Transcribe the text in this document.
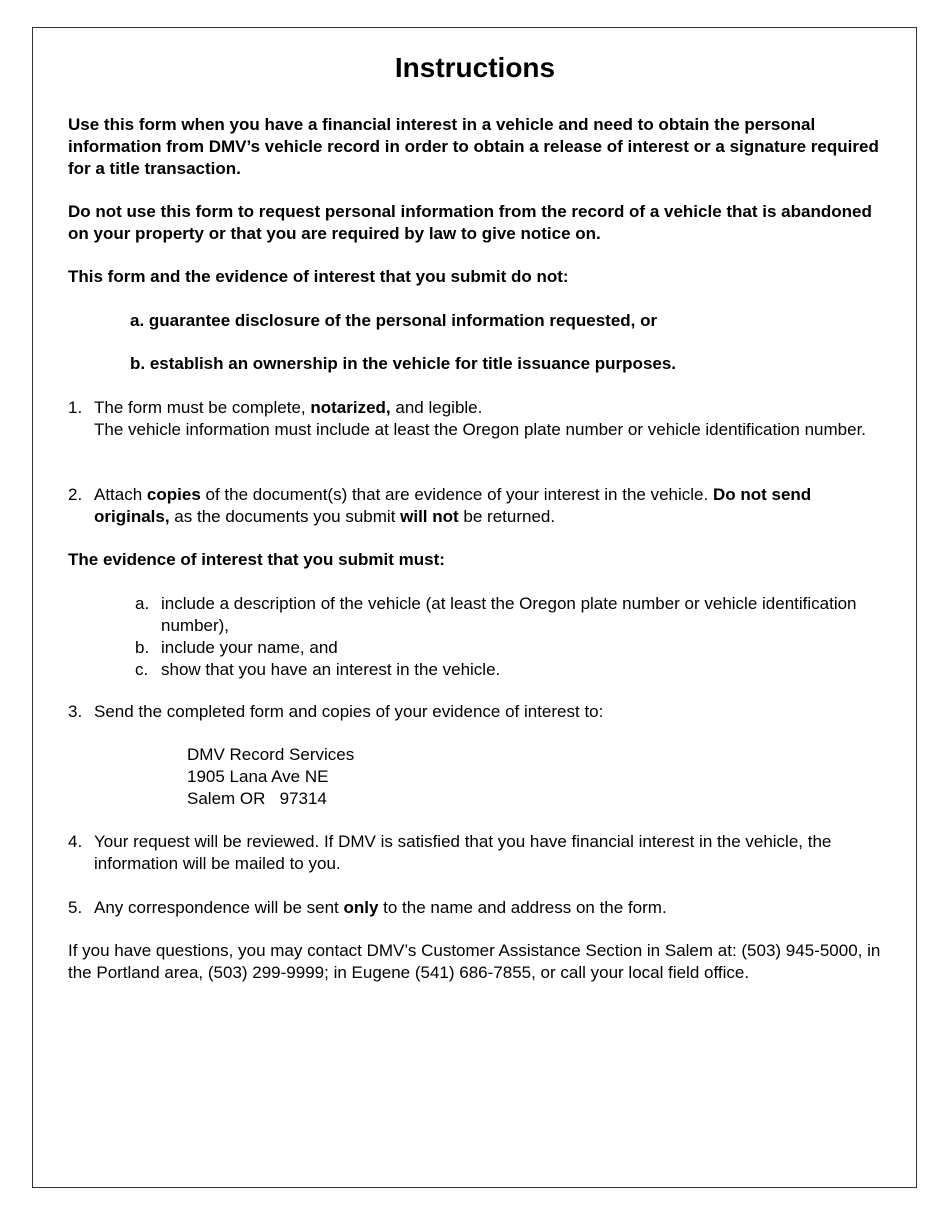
Instructions

Use this form when you have a financial interest in a vehicle and need to obtain the personal information from DMV’s vehicle record in order to obtain a release of interest or a signature required for a title transaction.

Do not use this form to request personal information from the record of a vehicle that is abandoned on your property or that you are required by law to give notice on.

This form and the evidence of interest that you submit do not:

a. guarantee disclosure of the personal information requested, or

b. establish an ownership in the vehicle for title issuance purposes.

1. The form must be complete, notarized, and legible.
The vehicle information must include at least the Oregon plate number or vehicle identification number.
2. Attach copies of the document(s) that are evidence of your interest in the vehicle. Do not send originals, as the documents you submit will not be returned.

The evidence of interest that you submit must:

a. include a description of the vehicle (at least the Oregon plate number or vehicle identification number),
b. include your name, and
c. show that you have an interest in the vehicle.
3. Send the completed form and copies of your evidence of interest to:
DMV Record Services
1905 Lana Ave NE
Salem OR   97314
4. Your request will be reviewed. If DMV is satisfied that you have financial interest in the vehicle, the information will be mailed to you.
5. Any correspondence will be sent only to the name and address on the form.

If you have questions, you may contact DMV’s Customer Assistance Section in Salem at: (503) 945-5000, in the Portland area, (503) 299-9999; in Eugene (541) 686-7855, or call your local field office.
